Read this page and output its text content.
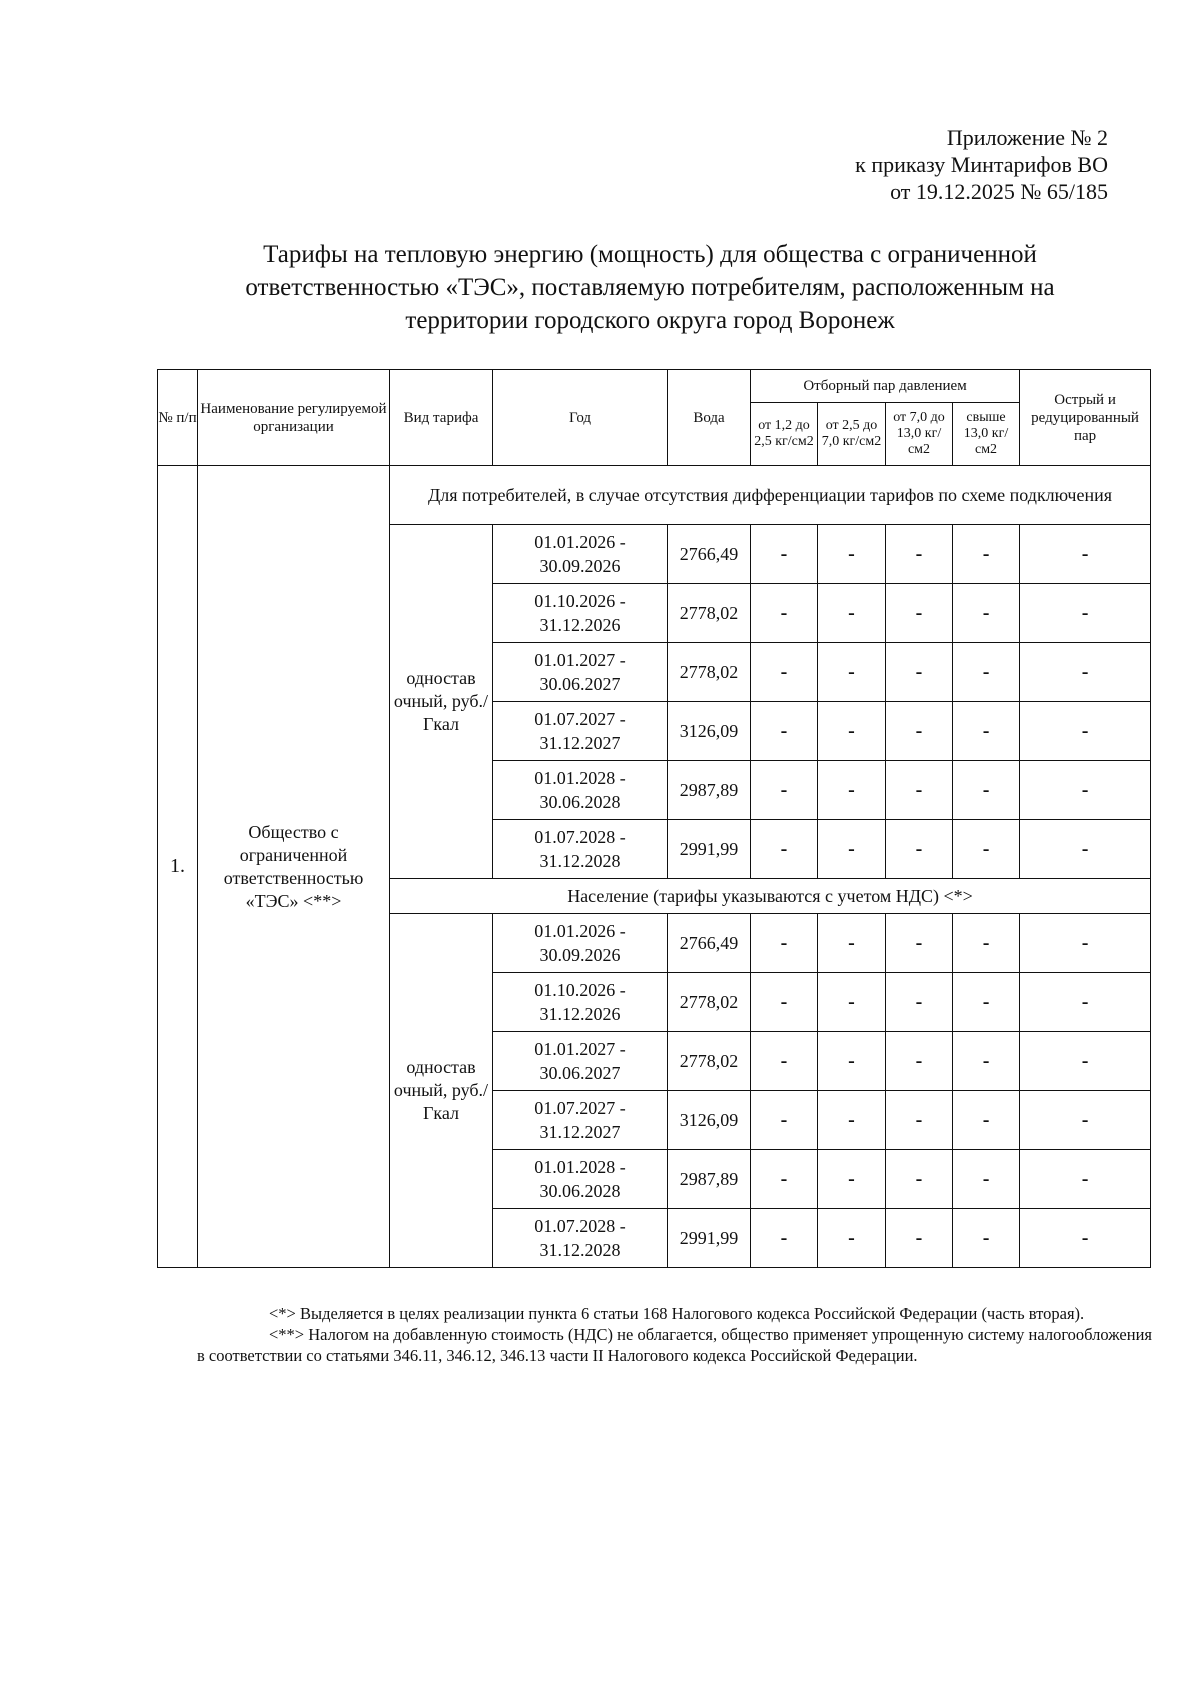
Приложение № 2
к приказу Минтарифов ВО
от 19.12.2025 № 65/185
Тарифы на тепловую энергию (мощность) для общества с ограниченной
ответственностью «ТЭС», поставляемую потребителям, расположенным на
территории городского округа город Воронеж
№ п/п	Наименование регулируемой организации	Вид тарифа	Год	Вода	Отборный пар давлением				Острый и редуцированный пар
					от 1,2 до 2,5 кг/см2	от 2,5 до 7,0 кг/см2	от 7,0 до 13,0 кг/см2	свыше 13,0 кг/см2	
1.	Общество с ограниченной ответственностью «ТЭС» <**>	Для потребителей, в случае отсутствия дифференциации тарифов по схеме подключения							
		одностав очный, руб./Гкал	01.01.2026 - 30.09.2026	2766,49	-	-	-	-	-
			01.10.2026 - 31.12.2026	2778,02	-	-	-	-	-
			01.01.2027 - 30.06.2027	2778,02	-	-	-	-	-
			01.07.2027 - 31.12.2027	3126,09	-	-	-	-	-
			01.01.2028 - 30.06.2028	2987,89	-	-	-	-	-
			01.07.2028 - 31.12.2028	2991,99	-	-	-	-	-
		Население (тарифы указываются с учетом НДС) <*>							
		одностав очный, руб./Гкал	01.01.2026 - 30.09.2026	2766,49	-	-	-	-	-
			01.10.2026 - 31.12.2026	2778,02	-	-	-	-	-
			01.01.2027 - 30.06.2027	2778,02	-	-	-	-	-
			01.07.2027 - 31.12.2027	3126,09	-	-	-	-	-
			01.01.2028 - 30.06.2028	2987,89	-	-	-	-	-
			01.07.2028 - 31.12.2028	2991,99	-	-	-	-	-

<*> Выделяется в целях реализации пункта 6 статьи 168 Налогового кодекса Российской Федерации (часть вторая).

<**> Налогом на добавленную стоимость (НДС) не облагается, общество применяет упрощенную систему налогообложения в соответствии со статьями 346.11, 346.12, 346.13 части II Налогового кодекса Российской Федерации.
